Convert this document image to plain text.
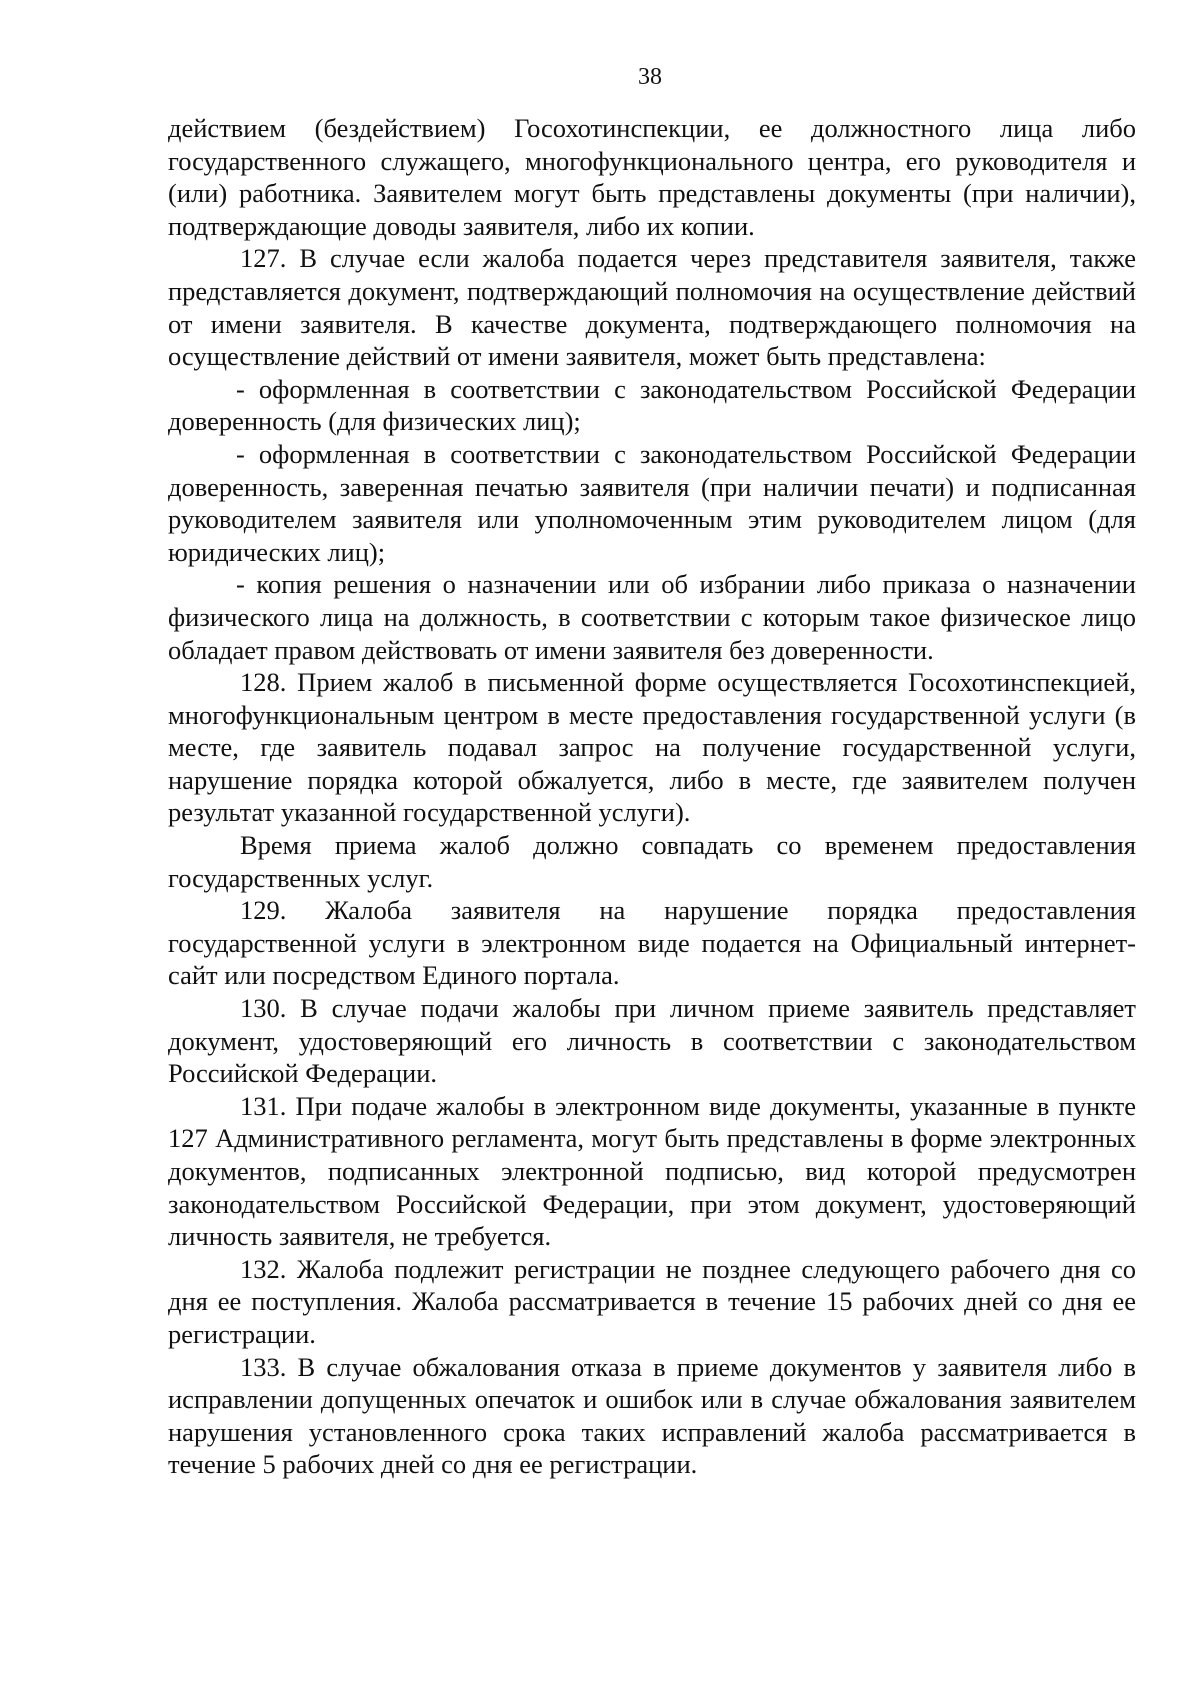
38

действием (бездействием) Госохотинспекции, ее должностного лица либо государственного служащего, многофункционального центра, его руководителя и (или) работника. Заявителем могут быть представлены документы (при наличии), подтверждающие доводы заявителя, либо их копии.

127. В случае если жалоба подается через представителя заявителя, также представляется документ, подтверждающий полномочия на осуществление действий от имени заявителя. В качестве документа, подтверждающего полномочия на осуществление действий от имени заявителя, может быть представлена:

- оформленная в соответствии с законодательством Российской Федерации доверенность (для физических лиц);

- оформленная в соответствии с законодательством Российской Федерации доверенность, заверенная печатью заявителя (при наличии печати) и подписанная руководителем заявителя или уполномоченным этим руководителем лицом (для юридических лиц);

- копия решения о назначении или об избрании либо приказа о назначении физического лица на должность, в соответствии с которым такое физическое лицо обладает правом действовать от имени заявителя без доверенности.

128. Прием жалоб в письменной форме осуществляется Госохотинспекцией, многофункциональным центром в месте предоставления государственной услуги (в месте, где заявитель подавал запрос на получение государственной услуги, нарушение порядка которой обжалуется, либо в месте, где заявителем получен результат указанной государственной услуги).

Время приема жалоб должно совпадать со временем предоставления государственных услуг.

129. Жалоба заявителя на нарушение порядка предоставления государственной услуги в электронном виде подается на Официальный интернет-сайт или посредством Единого портала.

130. В случае подачи жалобы при личном приеме заявитель представляет документ, удостоверяющий его личность в соответствии с законодательством Российской Федерации.

131. При подаче жалобы в электронном виде документы, указанные в пункте 127 Административного регламента, могут быть представлены в форме электронных документов, подписанных электронной подписью, вид которой предусмотрен законодательством Российской Федерации, при этом документ, удостоверяющий личность заявителя, не требуется.

132. Жалоба подлежит регистрации не позднее следующего рабочего дня со дня ее поступления. Жалоба рассматривается в течение 15 рабочих дней со дня ее регистрации.

133. В случае обжалования отказа в приеме документов у заявителя либо в исправлении допущенных опечаток и ошибок или в случае обжалования заявителем нарушения установленного срока таких исправлений жалоба рассматривается в течение 5 рабочих дней со дня ее регистрации.
